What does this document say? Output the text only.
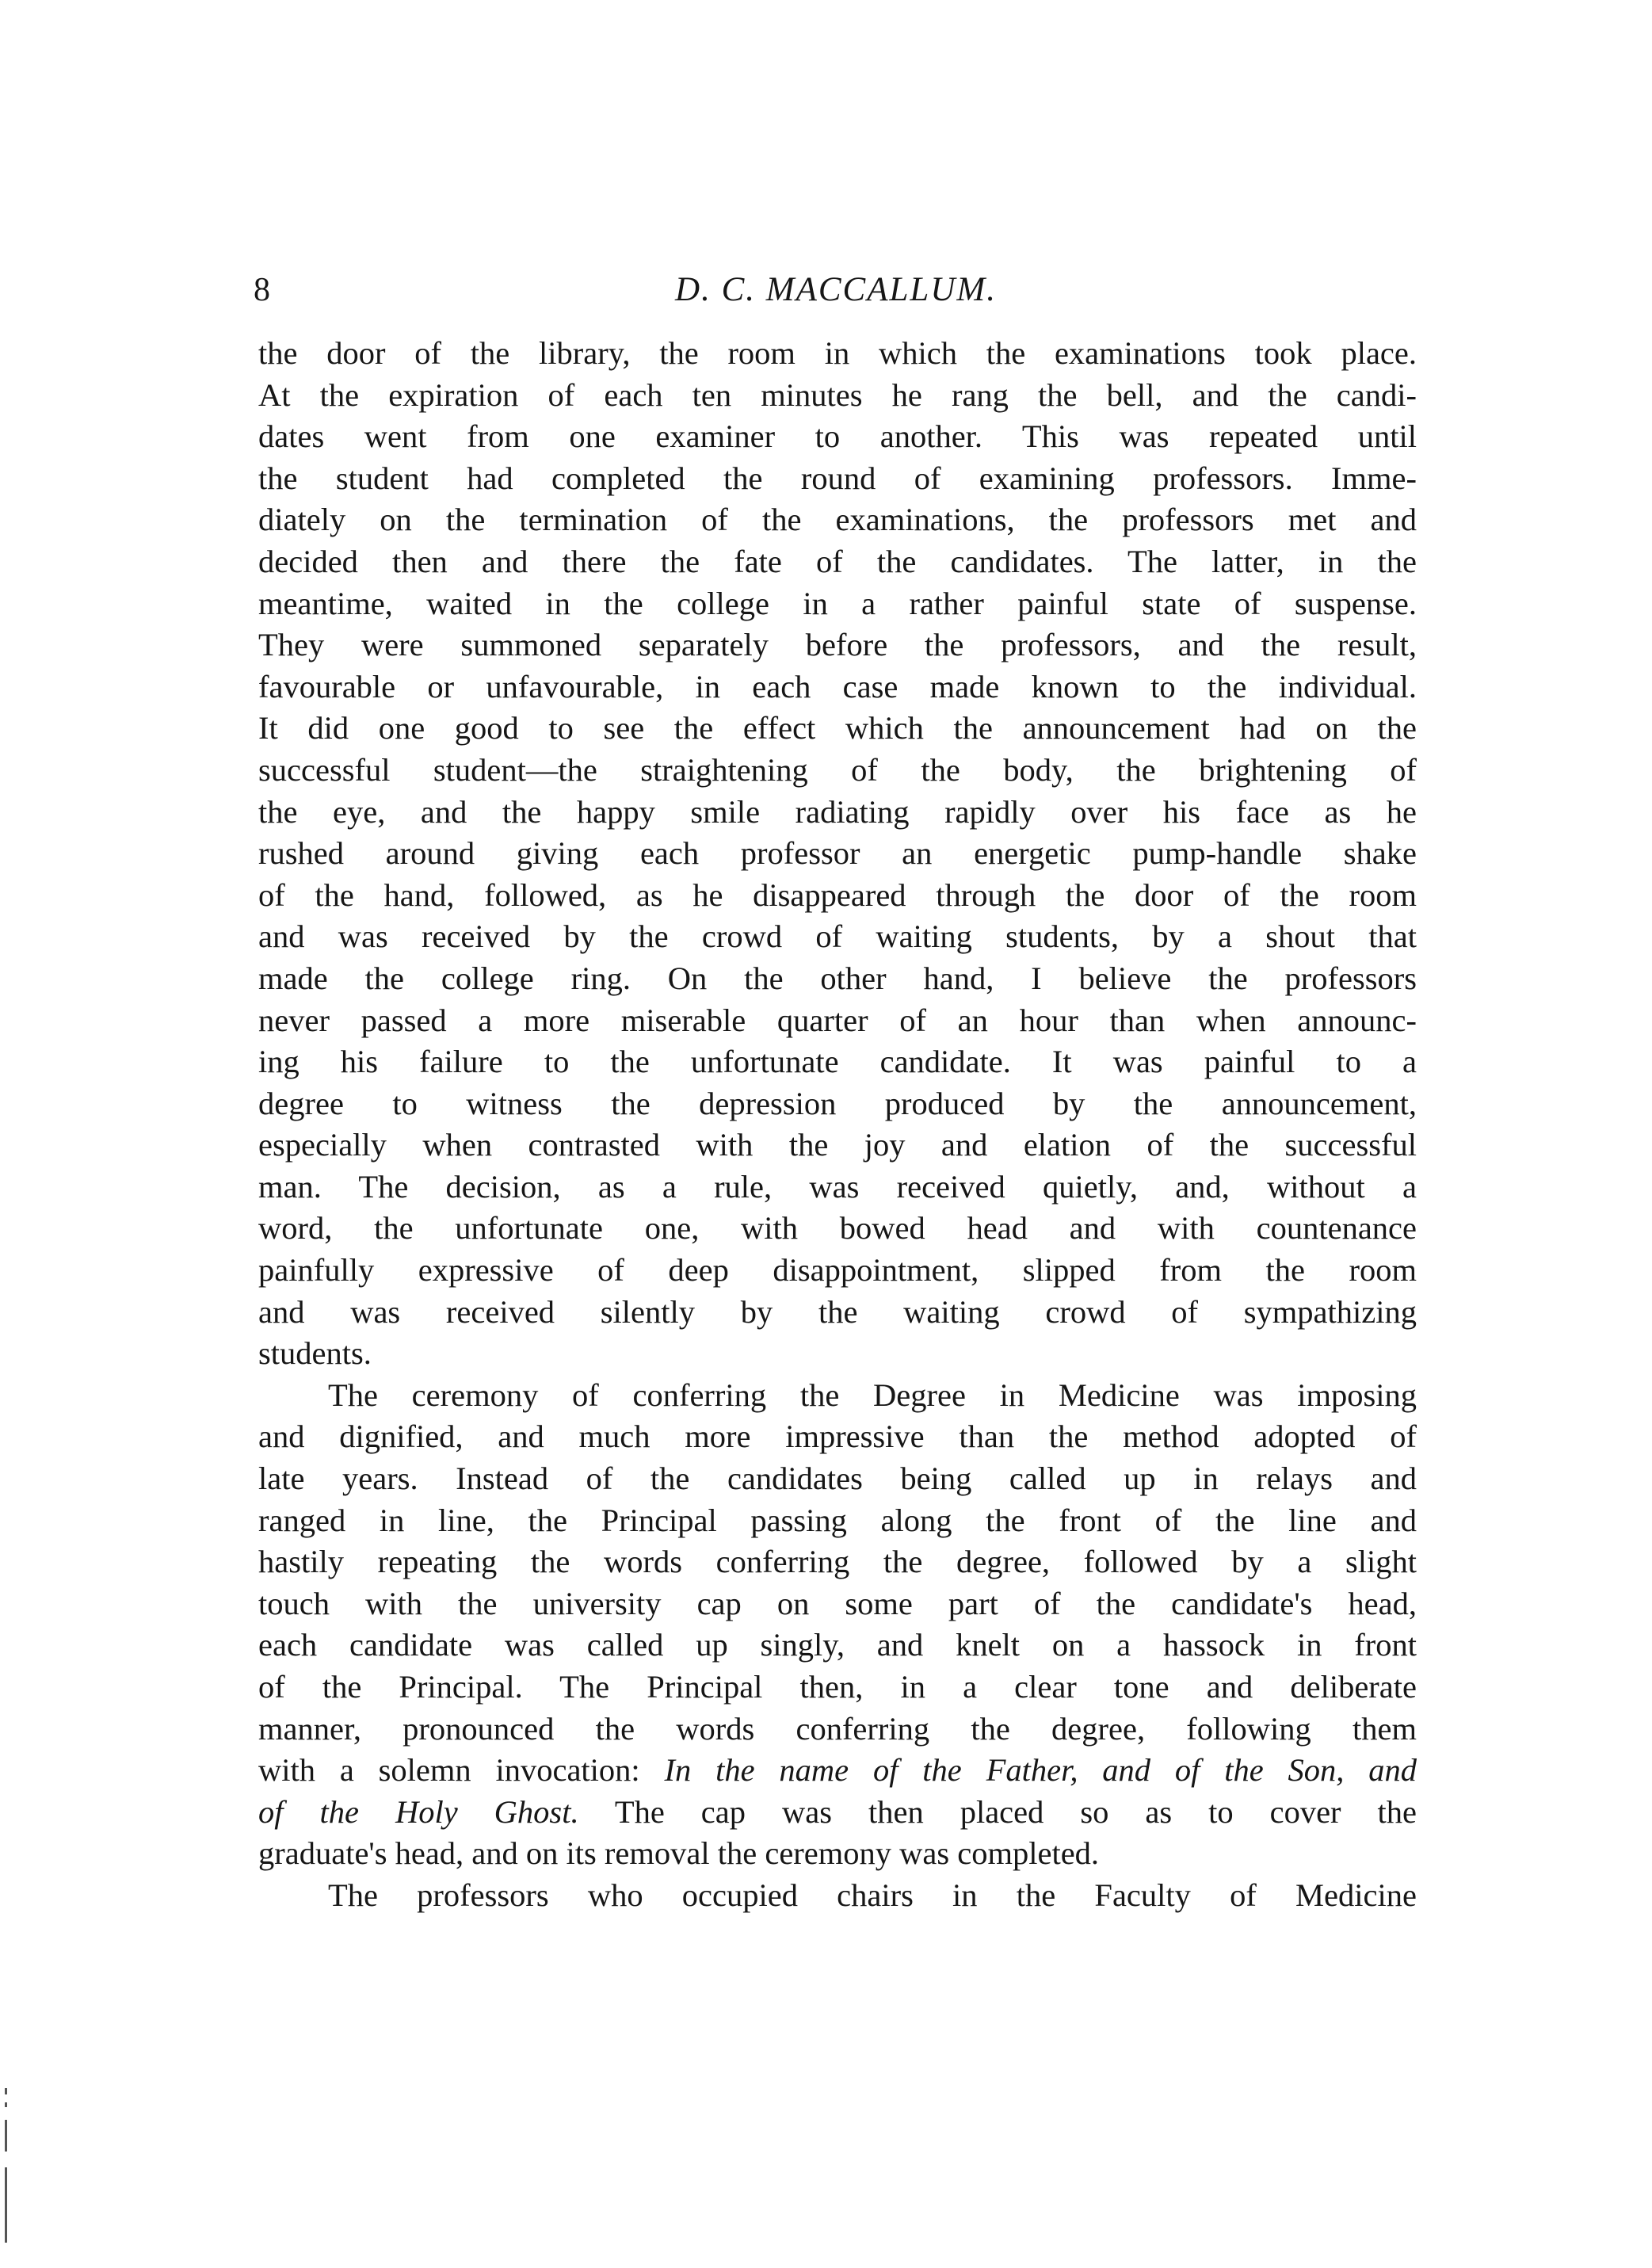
8	D. C. MACCALLUM.
the door of the library, the room in which the examinations took place.
At the expiration of each ten minutes he rang the bell, and the candi-
dates went from one examiner to another. This was repeated until
the student had completed the round of examining professors. Imme-
diately on the termination of the examinations, the professors met and
decided then and there the fate of the candidates. The latter, in the
meantime, waited in the college in a rather painful state of suspense.
They were summoned separately before the professors, and the result,
favourable or unfavourable, in each case made known to the individual.
It did one good to see the effect which the announcement had on the
successful student—the straightening of the body, the brightening of
the eye, and the happy smile radiating rapidly over his face as he
rushed around giving each professor an energetic pump-handle shake
of the hand, followed, as he disappeared through the door of the room
and was received by the crowd of waiting students, by a shout that
made the college ring. On the other hand, I believe the professors
never passed a more miserable quarter of an hour than when announc-
ing his failure to the unfortunate candidate. It was painful to a
degree to witness the depression produced by the announcement,
especially when contrasted with the joy and elation of the successful
man. The decision, as a rule, was received quietly, and, without a
word, the unfortunate one, with bowed head and with countenance
painfully expressive of deep disappointment, slipped from the room
and was received silently by the waiting crowd of sympathizing
students.
The ceremony of conferring the Degree in Medicine was imposing
and dignified, and much more impressive than the method adopted of
late years. Instead of the candidates being called up in relays and
ranged in line, the Principal passing along the front of the line and
hastily repeating the words conferring the degree, followed by a slight
touch with the university cap on some part of the candidate's head,
each candidate was called up singly, and knelt on a hassock in front
of the Principal. The Principal then, in a clear tone and deliberate
manner, pronounced the words conferring the degree, following them
with a solemn invocation: In the name of the Father, and of the Son, and
of the Holy Ghost. The cap was then placed so as to cover the
graduate's head, and on its removal the ceremony was completed.
The professors who occupied chairs in the Faculty of Medicine
